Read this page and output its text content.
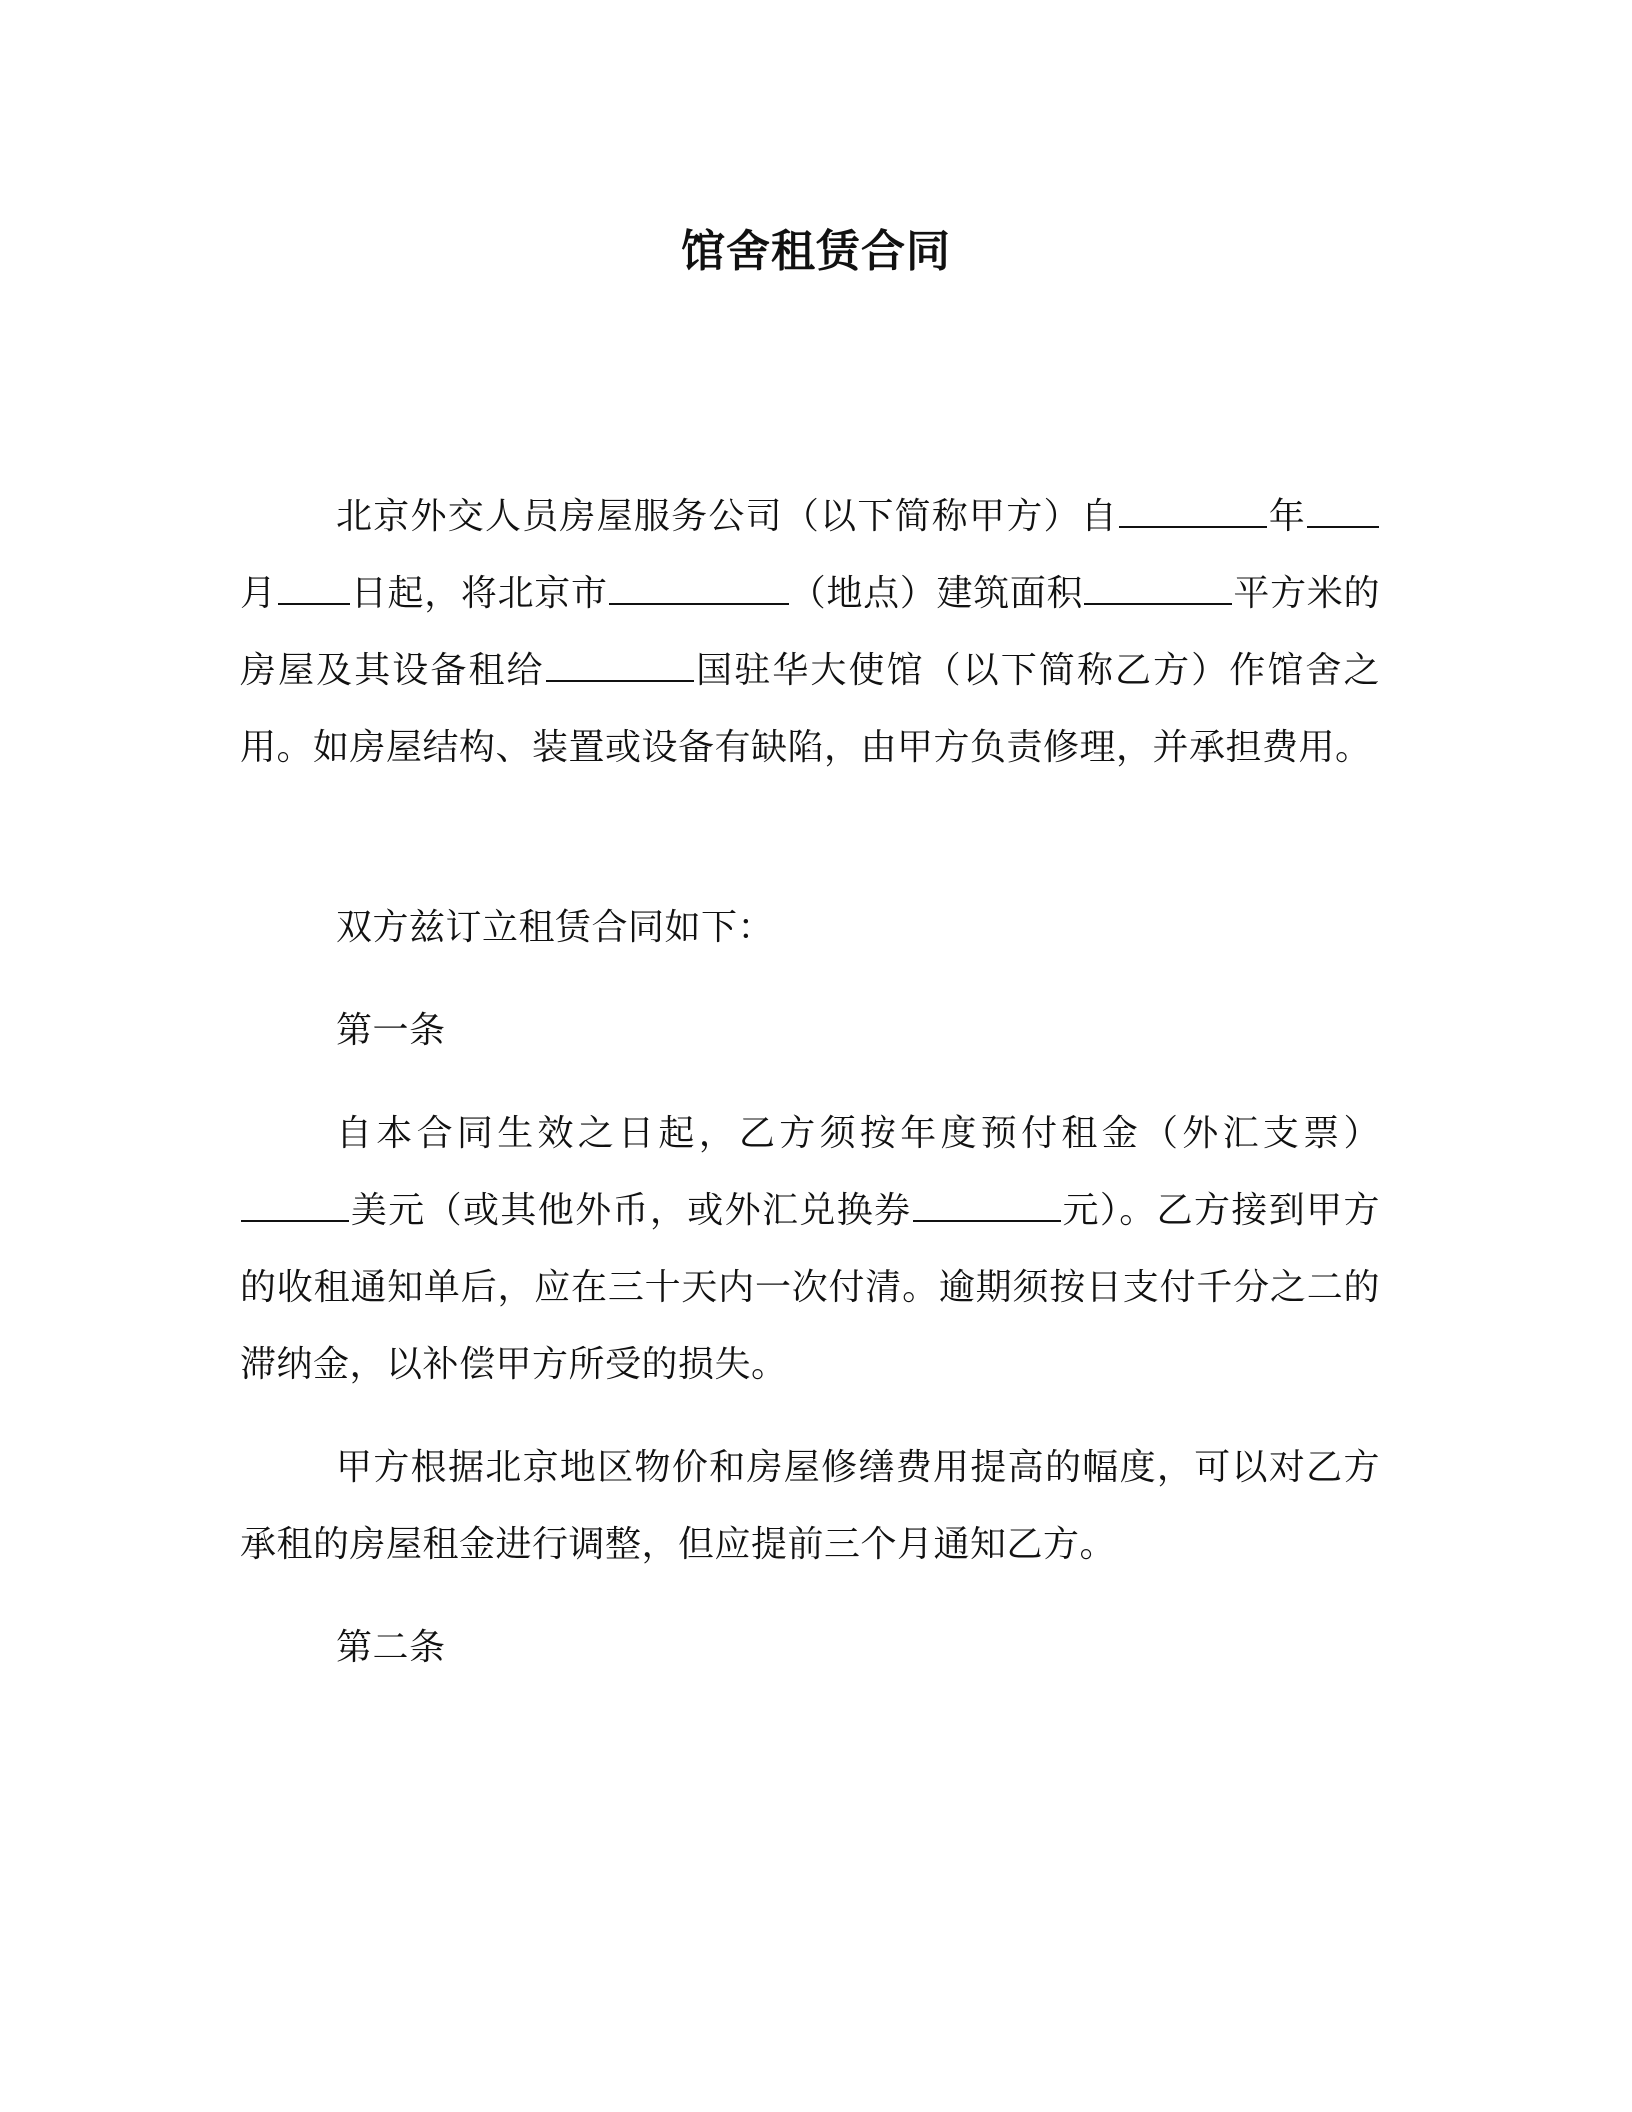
馆舍租赁合同

北京外交人员房屋服务公司（以下简称甲方）自	年月 日起，将北京市	（地点）建筑面积	平方米的房屋及其设备租给	国驻华大使馆（以下简称乙方）作馆舍之用。如房屋结构、装置或设备有缺陷，由甲方负责修理，并承担费用。

双方兹订立租赁合同如下：

第一条

自本合同生效之日起，乙方须按年度预付租金（外汇支票）美元（或其他外币，或外汇兑换券	元）。乙方接到甲方的收租通知单后，应在三十天内一次付清。逾期须按日支付千分之二的滞纳金，以补偿甲方所受的损失。

甲方根据北京地区物价和房屋修缮费用提高的幅度，可以对乙方承租的房屋租金进行调整，但应提前三个月通知乙方。

第二条
